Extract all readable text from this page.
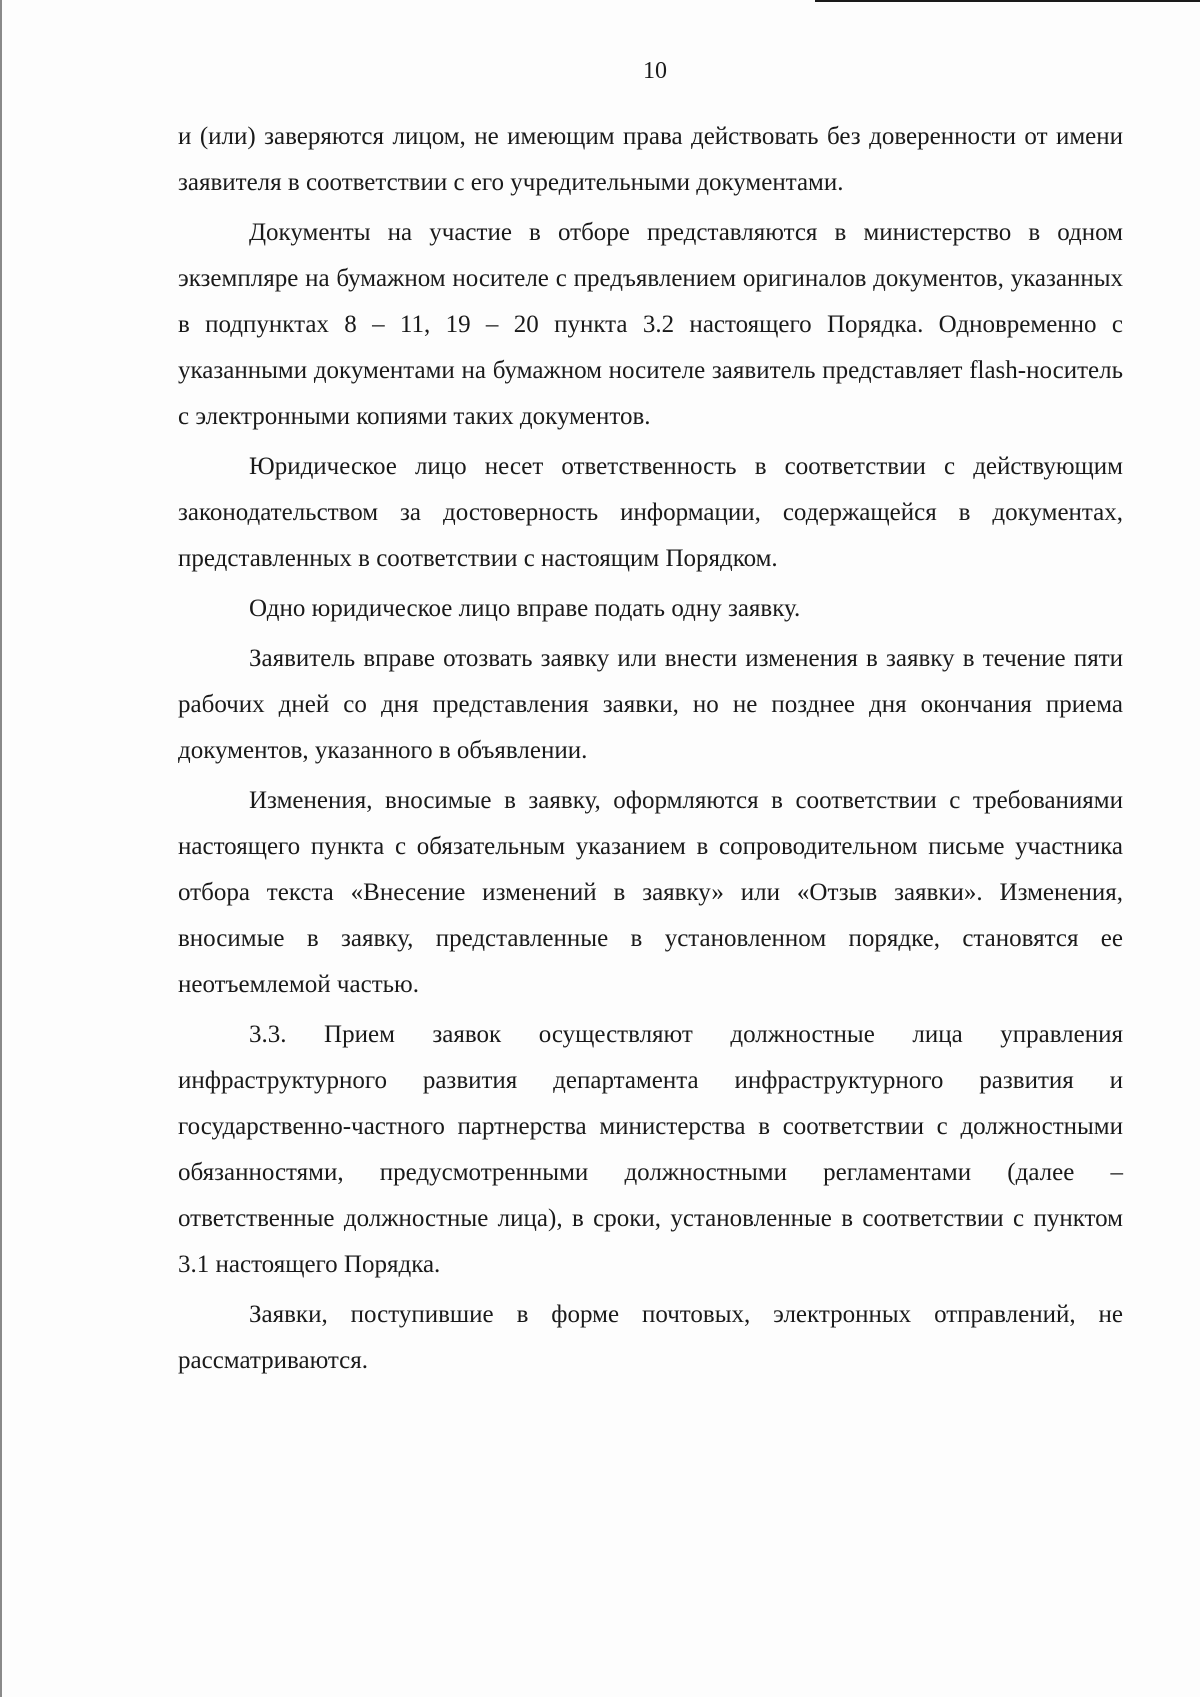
10

и (или) заверяются лицом, не имеющим права действовать без доверенности от имени заявителя в соответствии с его учредительными документами.

Документы на участие в отборе представляются в министерство в одном экземпляре на бумажном носителе с предъявлением оригиналов документов, указанных в подпунктах 8 – 11, 19 – 20 пункта 3.2 настоящего Порядка. Одновременно с указанными документами на бумажном носителе заявитель представляет flash-носитель с электронными копиями таких документов.

Юридическое лицо несет ответственность в соответствии с действующим законодательством за достоверность информации, содержащейся в документах, представленных в соответствии с настоящим Порядком.

Одно юридическое лицо вправе подать одну заявку.

Заявитель вправе отозвать заявку или внести изменения в заявку в течение пяти рабочих дней со дня представления заявки, но не позднее дня окончания приема документов, указанного в объявлении.

Изменения, вносимые в заявку, оформляются в соответствии с требованиями настоящего пункта с обязательным указанием в сопроводительном письме участника отбора текста «Внесение изменений в заявку» или «Отзыв заявки». Изменения, вносимые в заявку, представленные в установленном порядке, становятся ее неотъемлемой частью.

3.3. Прием заявок осуществляют должностные лица управления инфраструктурного развития департамента инфраструктурного развития и государственно-частного партнерства министерства в соответствии с должностными обязанностями, предусмотренными должностными регламентами (далее – ответственные должностные лица), в сроки, установленные в соответствии с пунктом 3.1 настоящего Порядка.

Заявки, поступившие в форме почтовых, электронных отправлений, не рассматриваются.
